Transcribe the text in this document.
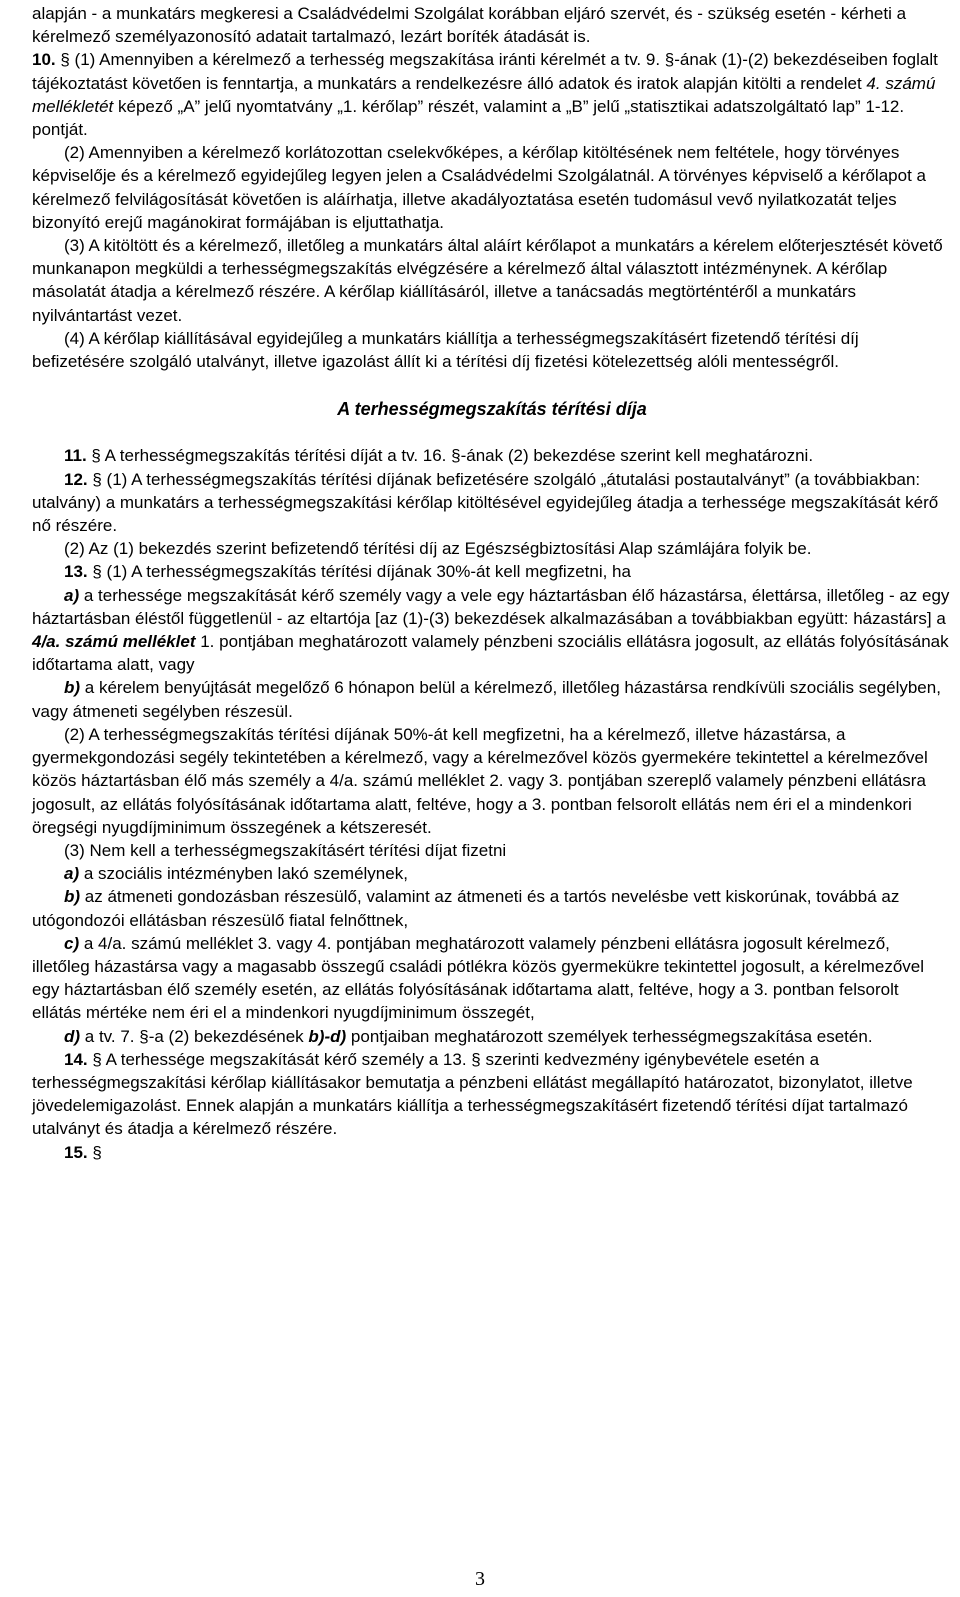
alapján - a munkatárs megkeresi a Családvédelmi Szolgálat korábban eljáró szervét, és - szükség esetén - kérheti a kérelmező személyazonosító adatait tartalmazó, lezárt boríték átadását is.

10. § (1) Amennyiben a kérelmező a terhesség megszakítása iránti kérelmét a tv. 9. §-ának (1)-(2) bekezdéseiben foglalt tájékoztatást követően is fenntartja, a munkatárs a rendelkezésre álló adatok és iratok alapján kitölti a rendelet 4. számú mellékletét képező „A” jelű nyomtatvány „1. kérőlap” részét, valamint a „B” jelű „statisztikai adatszolgáltató lap” 1-12. pontját.

(2) Amennyiben a kérelmező korlátozottan cselekvőképes, a kérőlap kitöltésének nem feltétele, hogy törvényes képviselője és a kérelmező egyidejűleg legyen jelen a Családvédelmi Szolgálatnál. A törvényes képviselő a kérőlapot a kérelmező felvilágosítását követően is aláírhatja, illetve akadályoztatása esetén tudomásul vevő nyilatkozatát teljes bizonyító erejű magánokirat formájában is eljuttathatja.

(3) A kitöltött és a kérelmező, illetőleg a munkatárs által aláírt kérőlapot a munkatárs a kérelem előterjesztését követő munkanapon megküldi a terhességmegszakítás elvégzésére a kérelmező által választott intézménynek. A kérőlap másolatát átadja a kérelmező részére. A kérőlap kiállításáról, illetve a tanácsadás megtörténtéről a munkatárs nyilvántartást vezet.

(4) A kérőlap kiállításával egyidejűleg a munkatárs kiállítja a terhességmegszakításért fizetendő térítési díj befizetésére szolgáló utalványt, illetve igazolást állít ki a térítési díj fizetési kötelezettség alóli mentességről.

A terhességmegszakítás térítési díja

11. § A terhességmegszakítás térítési díját a tv. 16. §-ának (2) bekezdése szerint kell meghatározni.

12. § (1) A terhességmegszakítás térítési díjának befizetésére szolgáló „átutalási postautalványt” (a továbbiakban: utalvány) a munkatárs a terhességmegszakítási kérőlap kitöltésével egyidejűleg átadja a terhessége megszakítását kérő nő részére.

(2) Az (1) bekezdés szerint befizetendő térítési díj az Egészségbiztosítási Alap számlájára folyik be.

13. § (1) A terhességmegszakítás térítési díjának 30%-át kell megfizetni, ha

a) a terhessége megszakítását kérő személy vagy a vele egy háztartásban élő házastársa, élettársa, illetőleg - az egy háztartásban éléstől függetlenül - az eltartója [az (1)-(3) bekezdések alkalmazásában a továbbiakban együtt: házastárs] a 4/a. számú melléklet 1. pontjában meghatározott valamely pénzbeni szociális ellátásra jogosult, az ellátás folyósításának időtartama alatt, vagy

b) a kérelem benyújtását megelőző 6 hónapon belül a kérelmező, illetőleg házastársa rendkívüli szociális segélyben, vagy átmeneti segélyben részesül.

(2) A terhességmegszakítás térítési díjának 50%-át kell megfizetni, ha a kérelmező, illetve házastársa, a gyermekgondozási segély tekintetében a kérelmező, vagy a kérelmezővel közös gyermekére tekintettel a kérelmezővel közös háztartásban élő más személy a 4/a. számú melléklet 2. vagy 3. pontjában szereplő valamely pénzbeni ellátásra jogosult, az ellátás folyósításának időtartama alatt, feltéve, hogy a 3. pontban felsorolt ellátás nem éri el a mindenkori öregségi nyugdíjminimum összegének a kétszeresét.

(3) Nem kell a terhességmegszakításért térítési díjat fizetni

a) a szociális intézményben lakó személynek,

b) az átmeneti gondozásban részesülő, valamint az átmeneti és a tartós nevelésbe vett kiskorúnak, továbbá az utógondozói ellátásban részesülő fiatal felnőttnek,

c) a 4/a. számú melléklet 3. vagy 4. pontjában meghatározott valamely pénzbeni ellátásra jogosult kérelmező, illetőleg házastársa vagy a magasabb összegű családi pótlékra közös gyermekükre tekintettel jogosult, a kérelmezővel egy háztartásban élő személy esetén, az ellátás folyósításának időtartama alatt, feltéve, hogy a 3. pontban felsorolt ellátás mértéke nem éri el a mindenkori nyugdíjminimum összegét,

d) a tv. 7. §-a (2) bekezdésének b)-d) pontjaiban meghatározott személyek terhességmegszakítása esetén.

14. § A terhessége megszakítását kérő személy a 13. § szerinti kedvezmény igénybevétele esetén a terhességmegszakítási kérőlap kiállításakor bemutatja a pénzbeni ellátást megállapító határozatot, bizonylatot, illetve jövedelemigazolást. Ennek alapján a munkatárs kiállítja a terhességmegszakításért fizetendő térítési díjat tartalmazó utalványt és átadja a kérelmező részére.

15. §

3
